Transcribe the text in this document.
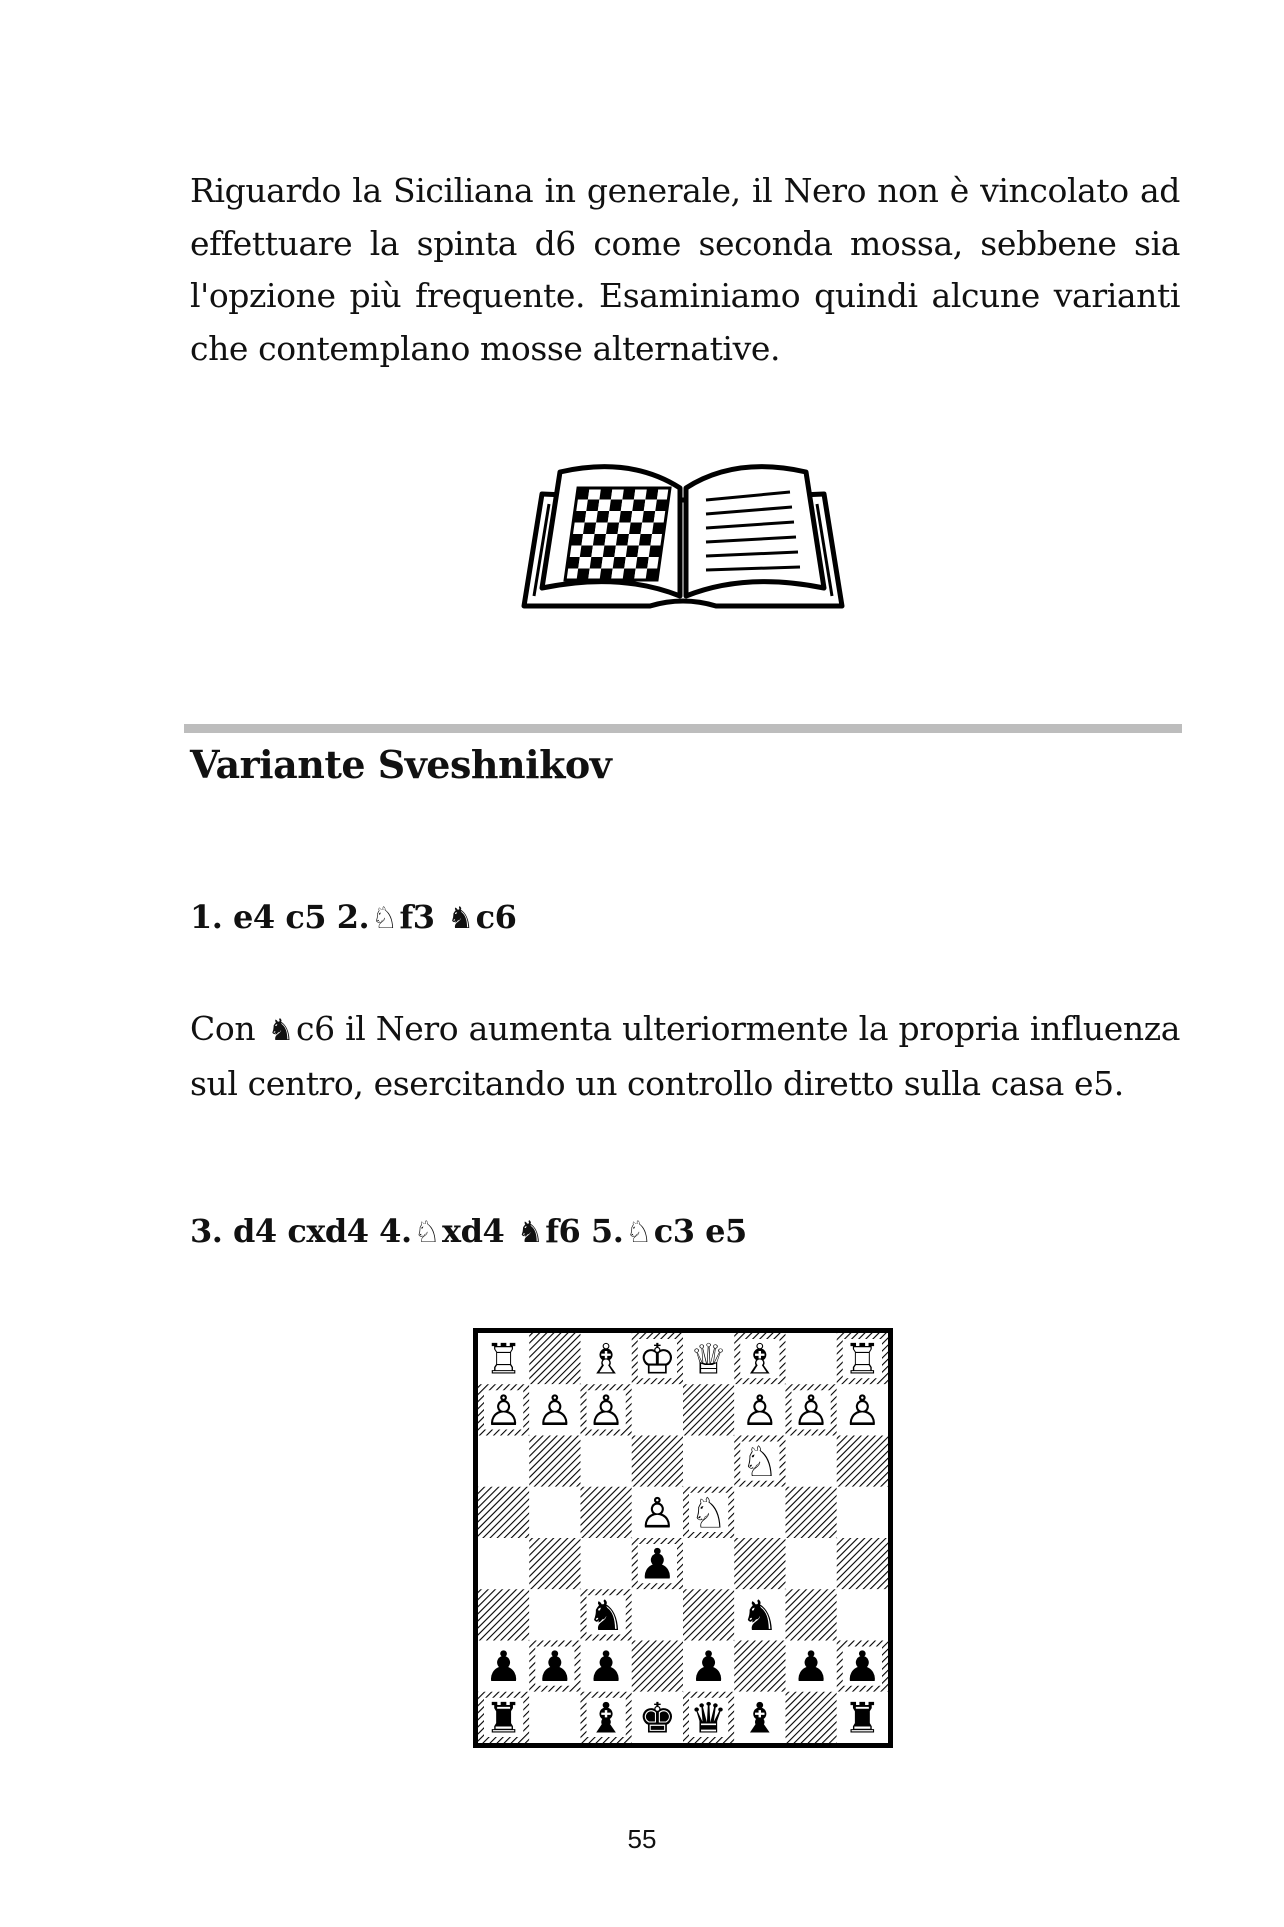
Riguardo la Siciliana in generale, il Nero non è vincolato ad effettuare la spinta d6 come seconda mossa, sebbene sia l'opzione più frequente. Esaminiamo quindi alcune varianti che contemplano mosse alternative.

Variante Sveshnikov

1. e4 c5 2.♘f3 ♞c6

Con ♞c6 il Nero aumenta ulteriormente la propria influenza sul centro, esercitando un controllo diretto sulla casa e5.

3. d4 cxd4 4.♘xd4 ♞f6 5.♘c3 e5

♖ ♗ ♔ ♕ ♗ ♖
♙ ♙ ♙	♙ ♙ ♙
♘
♙ ♘
♟
♞	♞
♟ ♟ ♟ ♟ ♟ ♟
♜ ♝ ♚ ♛ ♝ ♜

55
